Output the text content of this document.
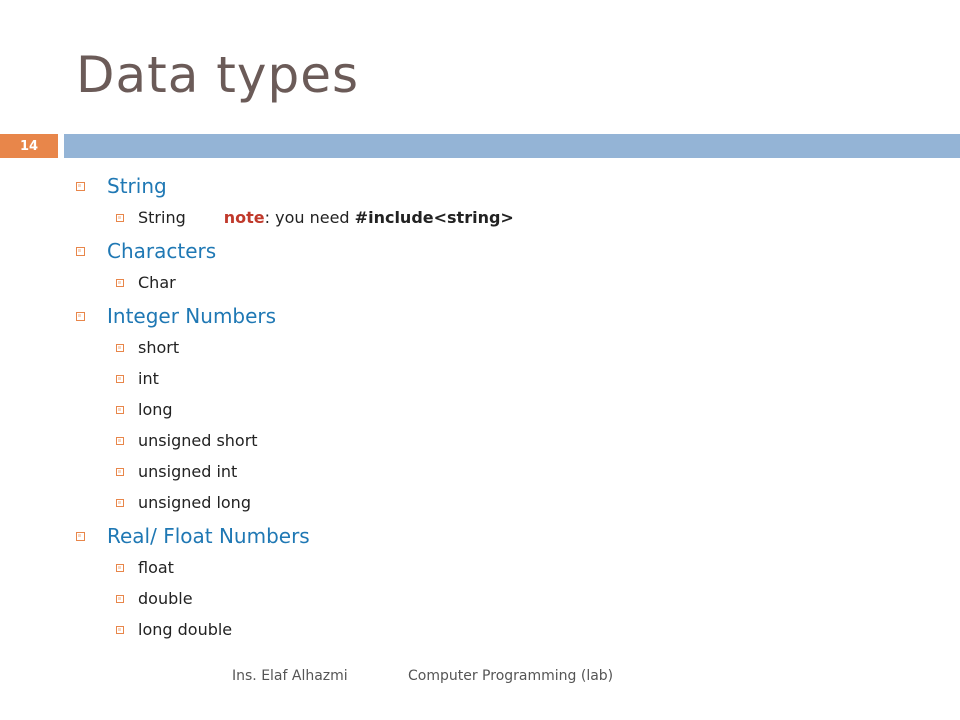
Data types
14
String
String note: you need #include<string>
Characters
Char
Integer Numbers
short
int
long
unsigned short
unsigned int
unsigned long
Real/ Float Numbers
float
double
long double
Ins. Elaf Alhazmi	Computer Programming (lab)
